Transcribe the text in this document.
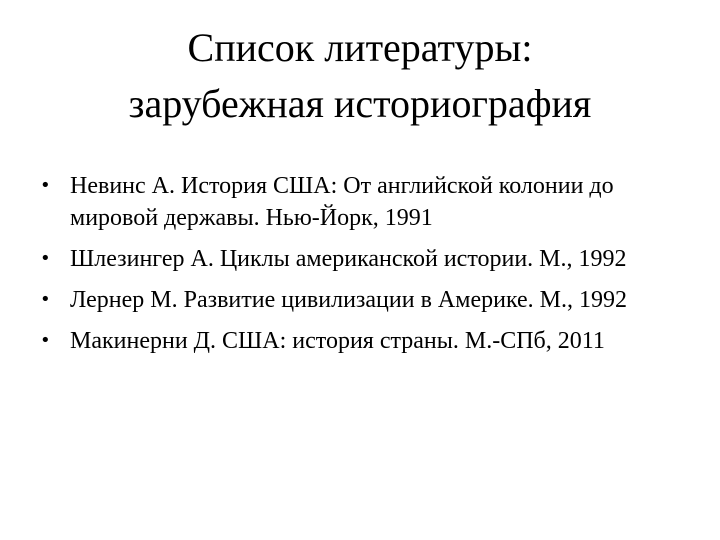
Список литературы:
зарубежная историография
• Невинс А. История США: От английской колонии до мировой державы. Нью-Йорк, 1991
• Шлезингер А. Циклы американской истории. М., 1992
• Лернер М. Развитие цивилизации в Америке. М., 1992
• Макинерни Д. США: история страны. М.-СПб, 2011
